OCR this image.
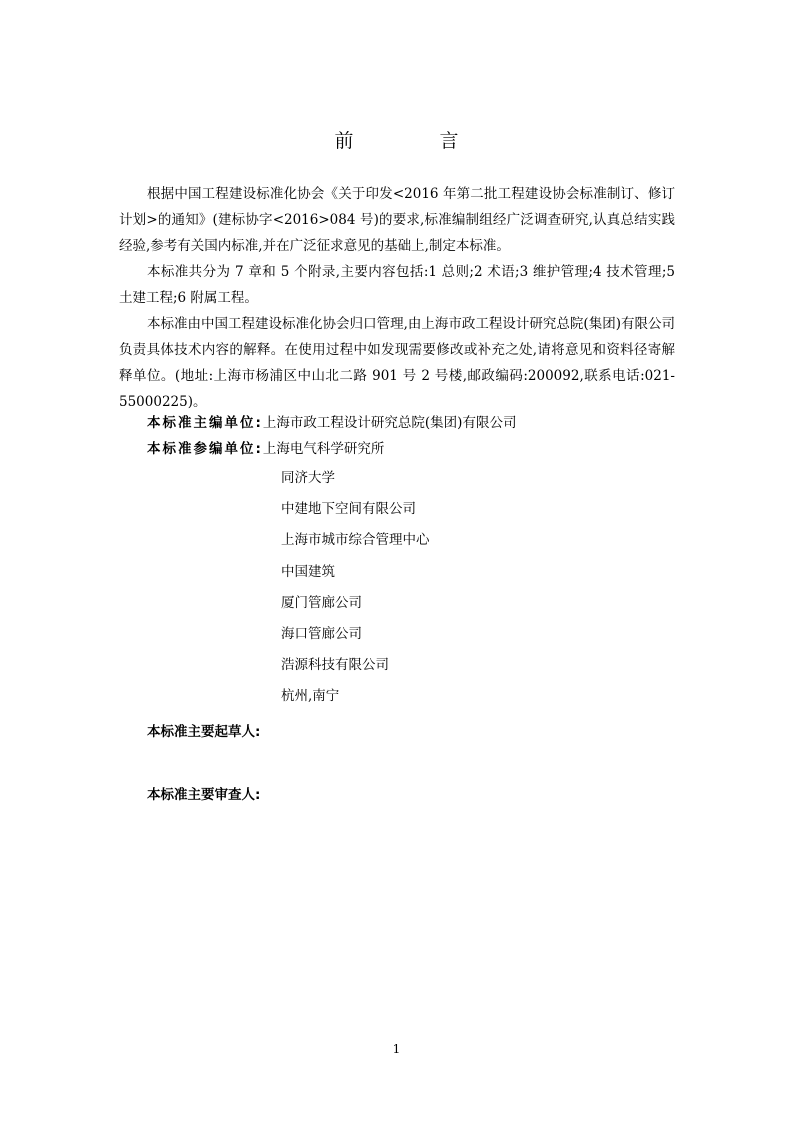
前 言

根据中国工程建设标准化协会《关于印发<2016 年第二批工程建设协会标准制订、修订计划>的通知》(建标协字<2016>084 号)的要求,标准编制组经广泛调查研究,认真总结实践经验,参考有关国内标准,并在广泛征求意见的基础上,制定本标准。

本标准共分为 7 章和 5 个附录,主要内容包括:1 总则;2 术语;3 维护管理;4 技术管理;5 土建工程;6 附属工程。

本标准由中国工程建设标准化协会归口管理,由上海市政工程设计研究总院(集团)有限公司负责具体技术内容的解释。在使用过程中如发现需要修改或补充之处,请将意见和资料径寄解释单位。(地址:上海市杨浦区中山北二路 901 号 2 号楼,邮政编码:200092,联系电话:021-55000225)。

本标准主编单位:上海市政工程设计研究总院(集团)有限公司
本标准参编单位:上海电气科学研究所
同济大学
中建地下空间有限公司
上海市城市综合管理中心
中国建筑
厦门管廊公司
海口管廊公司
浩源科技有限公司
杭州,南宁
本标准主要起草人:
本标准主要审查人:
1
